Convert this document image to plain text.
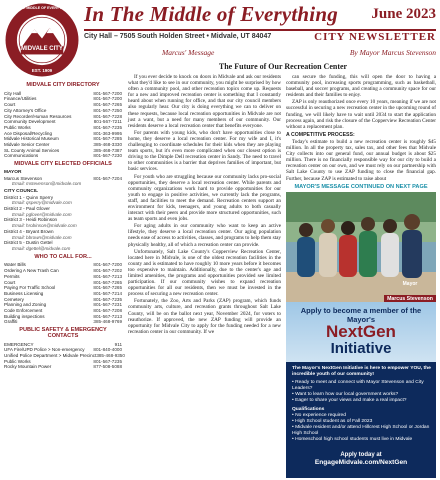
MIDVALE CITY
IN THE MIDDLE OF EVERYTHING
EST. 1909
In The Middle of Everything	June 2023
City Hall – 7505 South Holden Street • Midvale, UT 84047	CITY NEWSLETTER
Marcus' Message	By Mayor Marcus Stevenson
MIDVALE CITY DIRECTORY
City Hall	801-567-7200
Finance/Utilities	801-567-7200
Court	801-567-7265
City Attorney's Office	801-567-7250
City Recorder/Human Resources	801-567-7228
Community Development	801-567-7211
Public Works	801-567-7235
Ace Disposal/Recycling	801-363-9995
Midvale Historical Museum	801-567-7285
Midvale Senior Center	385-468-3330
SL County Animal Services	385-468-7387
Communications	801-567-7230
MIDVALE CITY ELECTED OFFICIALS
MAYOR
Marcus Stevenson	801-567-7204
Email: mstevenson@midvale.com
CITY COUNCIL
District 1 - Quinn Sperry
Email: qsperry@midvale.com
District 2 - Paul Glover
Email: pglover@midvale.com
District 3 - Heidi Robinson
Email: hrobinson@midvale.com
District 4 - Bryant Brown
Email: bbrown@midvale.com
District 5 - Dustin Gettel
Email: dgettel@midvale.com
WHO TO CALL FOR...
Water Bills	801-567-7200
Ordering A New Trash Can	801-567-7202
Permits	801-567-7213
Court	801-567-7265
Paying For Traffic School	801-567-7265
Business Licensing	801-567-7214
Cemetery	801-567-7235
Planning and Zoning	801-567-7231
Code Enforcement	801-567-7208
Building inspections	801-567-7213
Graffiti	385-468-9769
PUBLIC SAFETY & EMERGENCY CONTACTS
EMERGENCY	911
UFA Fire/UPD Police > Non-emergency 801-840-4000
Unified Police Department > Midvale Precinct 385-468-9350
Public Works	801-567-7235
Rocky Mountain Power	877-508-5088
The Future of Our Recreation Center

If you ever decide to knock on doors in Midvale and ask our residents what they'd like to see in our community, you might be surprised by how often a community pool, and other recreation topics come up. Requests for a new and improved recreation center is something that I constantly heard about when running for office, and that our city council members also regularly hear. Our city is doing everything we can to deliver on these requests, because local recreation opportunities in Midvale are not just a want, but a need for many members of our community. Our residents deserve a local recreation center that benefits everyone.

For parents with young kids, who don't have opportunities close to home, they deserve a local recreation center. For my wife and I, it's challenging to coordinate schedules for their kids when they are playing team sports, but it's even more complicated when our closest option is driving to the Dimple Dell recreation center in Sandy. The need to travel to other communities is a barrier that deprives families of important, but basic services.

For youth who are struggling because our community lacks pro-social opportunities, they deserve a local recreation center. While parents and community organizations work hard to provide opportunities for our youth to engage in positive activities, we currently lack the programs, staff, and facilities to meet the demand. Recreation centers support an environment for kids, teenagers, and young adults to both casually interact with their peers and provide more structured opportunities, such as team sports and even jobs.

For aging adults in our community who want to keep an active lifestyle, they deserve a local recreation center. Our aging population needs ease of access to activities, classes, and programs to help them stay physically healthy, all of which a recreation center can provide.

Unfortunately, Salt Lake County's Copperview Recreation Center, located here in Midvale, is one of the oldest recreation facilities in the county and is estimated to have roughly 10 more years before it becomes too expensive to maintain. Additionally, due to the center's age and limited amenities, the programs and opportunities provided see limited participation. If our community wishes to expand recreation opportunities for all our residents, then we must be invested in the process of securing a new recreation center.

Fortunately, the Zoo, Arts and Parks (ZAP) program, which funds community arts, culture, and recreation grants throughout Salt Lake County, will be on the ballot next year, November 2024, for voters to reauthorize. If approved, the new ZAP funding will provide an opportunity for Midvale City to apply for the funding needed for a new recreation center in our community. If we

can secure the funding, this will open the door to having a community pool, increasing sports programming, such as basketball, baseball, and soccer programs, and creating a community space for our residents and their families to enjoy.

ZAP is only reauthorized once every 10 years, meaning if we are not successful in securing a new recreation center in the upcoming round of funding, we will likely have to wait until 2034 to start the application process again, and risk the closure of the Copperview Recreation Center without a replacement plan.

A COMPETITIVE PROCESS:

Today's estimate to build a new recreation center is roughly $45 million. In all the property tax, sales tax, and other fees that Midvale City collects into our general fund, our annual budget is about $25 million. There is no financially responsible way for our city to build a recreation center on our own, and we must rely on our partnership with Salt Lake County to use ZAP funding to close the financial gap. Further, because ZAP is estimated to raise about

MAYOR'S MESSAGE CONTINUED ON NEXT PAGE
Mayor
Marcus Stevenson
Apply to become a member of the Mayor's
NextGen
Initiative
The Mayor's NextGen Initiative is here to empower YOU, the incredible youth of our community!
• Ready to meet and connect with Mayor Stevenson and City Leaders?
• Want to learn how our local government works?
• Eager to share your views and make a real impact?
Qualifications
• No experience required
• High School student as of Fall 2023
• Midvale resident and/or attend Hillcrest High School or Jordan High School
• Homeschool high school students must live in Midvale
Apply today at
EngageMidvale.com/NextGen
